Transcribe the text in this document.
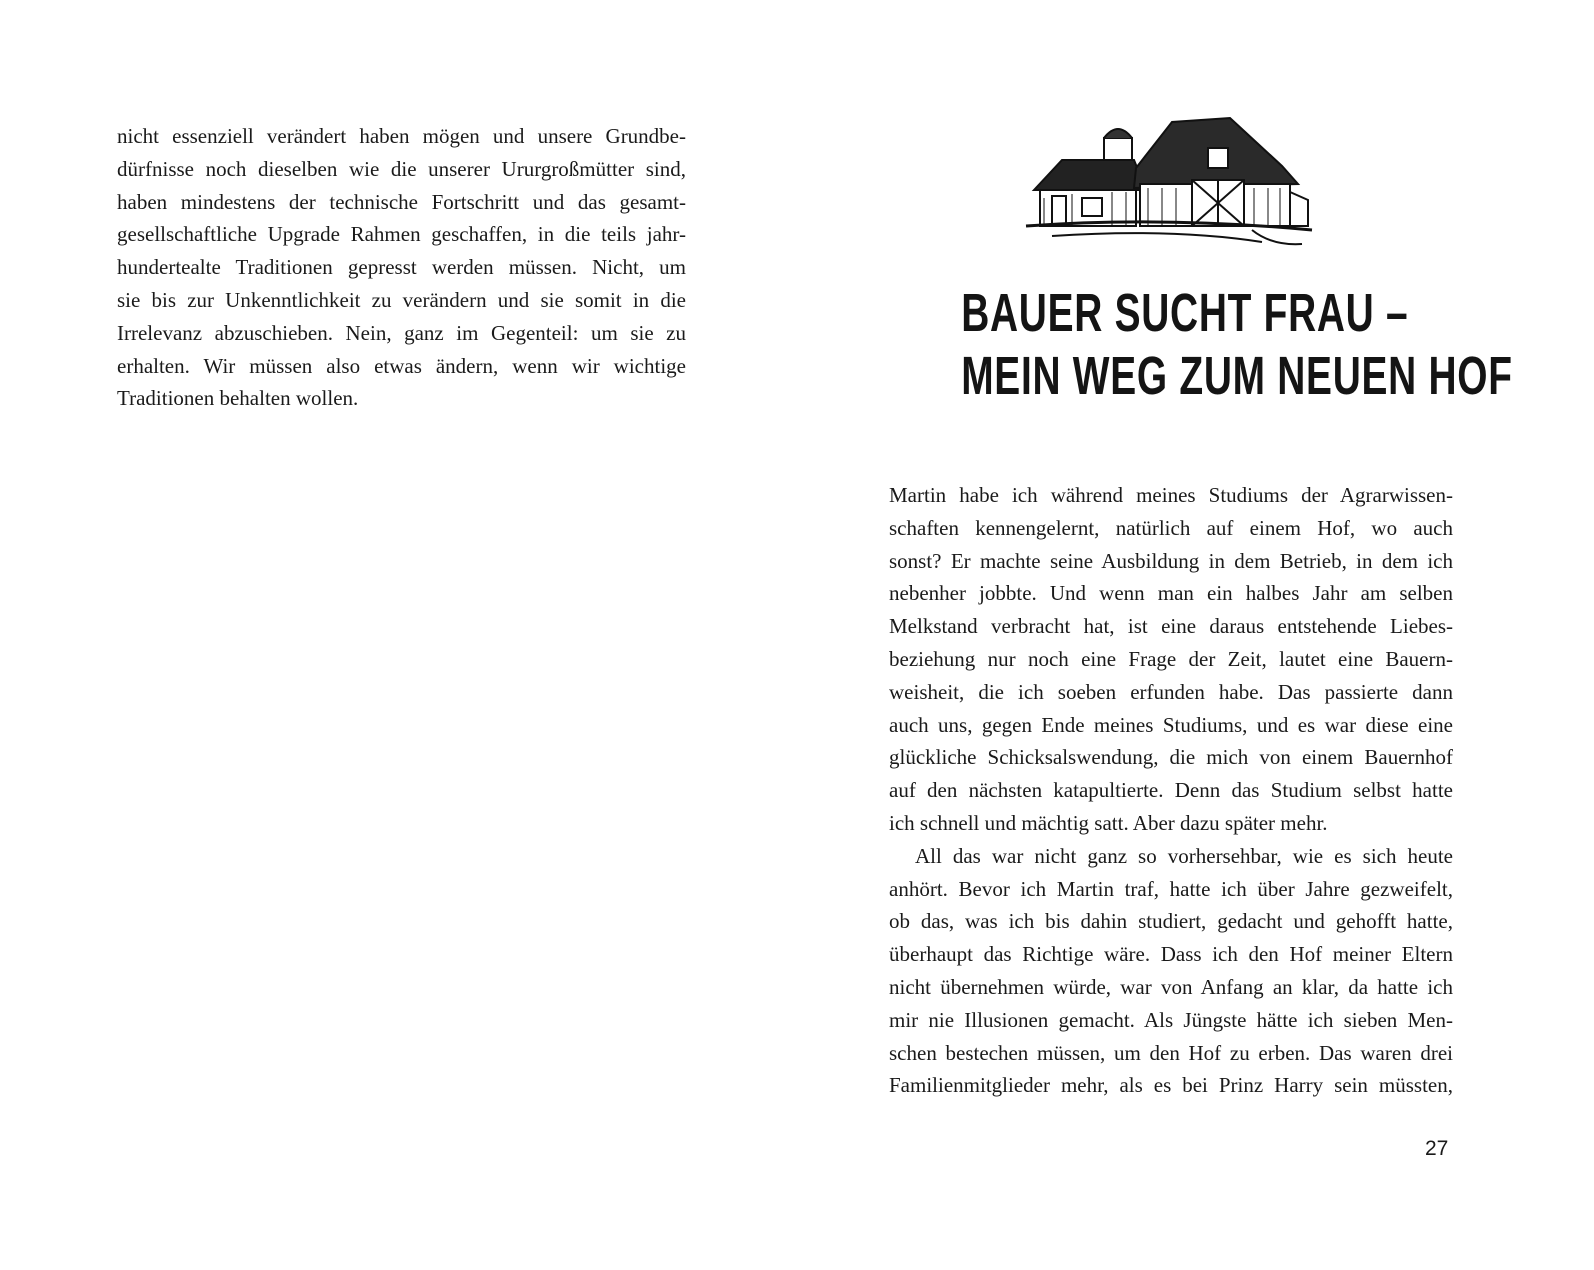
nicht essenziell verändert haben mögen und unsere Grundbe-
dürfnisse noch dieselben wie die unserer Ururgroßmütter sind,
haben mindestens der technische Fortschritt und das gesamt-
gesellschaftliche Upgrade Rahmen geschaffen, in die teils jahr-
hundertealte Traditionen gepresst werden müssen. Nicht, um
sie bis zur Unkenntlichkeit zu verändern und sie somit in die
Irrelevanz abzuschieben. Nein, ganz im Gegenteil: um sie zu
erhalten. Wir müssen also etwas ändern, wenn wir wichtige
Traditionen behalten wollen.
BAUER SUCHT FRAU –
MEIN WEG ZUM NEUEN HOF
Martin habe ich während meines Studiums der Agrarwissen-
schaften kennengelernt, natürlich auf einem Hof, wo auch
sonst? Er machte seine Ausbildung in dem Betrieb, in dem ich
nebenher jobbte. Und wenn man ein halbes Jahr am selben
Melkstand verbracht hat, ist eine daraus entstehende Liebes-
beziehung nur noch eine Frage der Zeit, lautet eine Bauern-
weisheit, die ich soeben erfunden habe. Das passierte dann
auch uns, gegen Ende meines Studiums, und es war diese eine
glückliche Schicksalswendung, die mich von einem Bauernhof
auf den nächsten katapultierte. Denn das Studium selbst hatte
ich schnell und mächtig satt. Aber dazu später mehr.
All das war nicht ganz so vorhersehbar, wie es sich heute
anhört. Bevor ich Martin traf, hatte ich über Jahre gezweifelt,
ob das, was ich bis dahin studiert, gedacht und gehofft hatte,
überhaupt das Richtige wäre. Dass ich den Hof meiner Eltern
nicht übernehmen würde, war von Anfang an klar, da hatte ich
mir nie Illusionen gemacht. Als Jüngste hätte ich sieben Men-
schen bestechen müssen, um den Hof zu erben. Das waren drei
Familienmitglieder mehr, als es bei Prinz Harry sein müssten,
27
